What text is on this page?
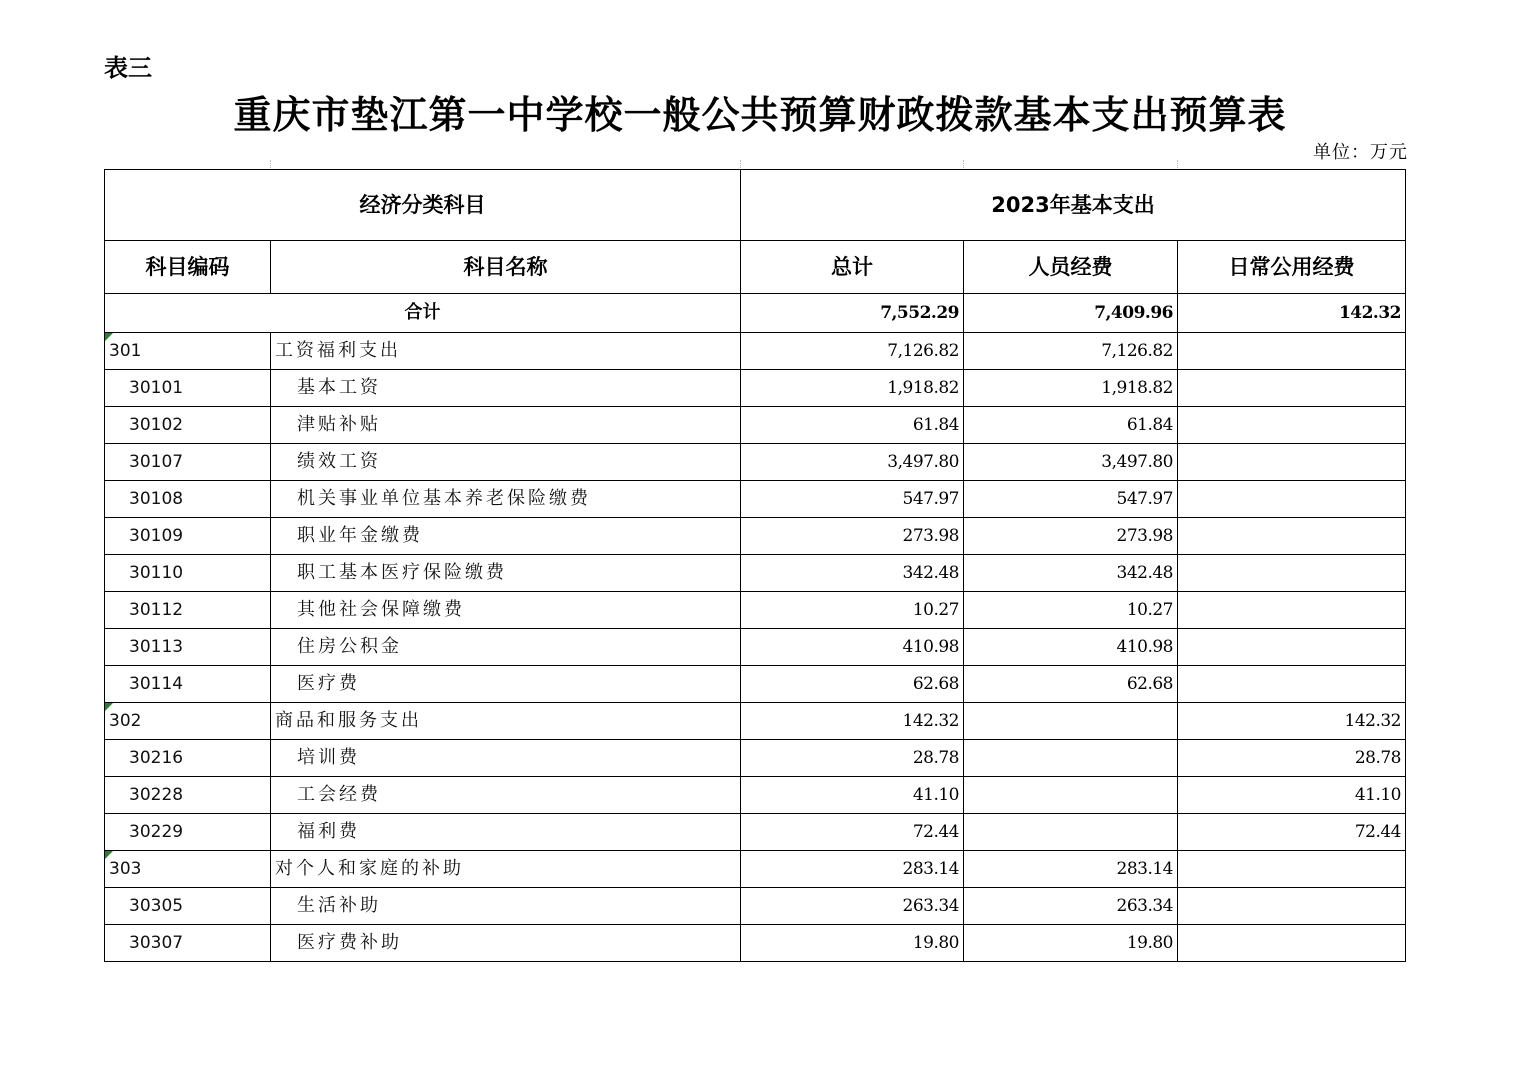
表三
重庆市垫江第一中学校一般公共预算财政拨款基本支出预算表
单位：万元
经济分类科目		2023年基本支出		
科目编码	科目名称	总计	人员经费	日常公用经费
合计		7,552.29	7,409.96	142.32
301	工资福利支出	7,126.82	7,126.82	
30101	基本工资	1,918.82	1,918.82	
30102	津贴补贴	61.84	61.84	
30107	绩效工资	3,497.80	3,497.80	
30108	机关事业单位基本养老保险缴费	547.97	547.97	
30109	职业年金缴费	273.98	273.98	
30110	职工基本医疗保险缴费	342.48	342.48	
30112	其他社会保障缴费	10.27	10.27	
30113	住房公积金	410.98	410.98	
30114	医疗费	62.68	62.68	
302	商品和服务支出	142.32		142.32
30216	培训费	28.78		28.78
30228	工会经费	41.10		41.10
30229	福利费	72.44		72.44
303	对个人和家庭的补助	283.14	283.14	
30305	生活补助	263.34	263.34	
30307	医疗费补助	19.80	19.80	
